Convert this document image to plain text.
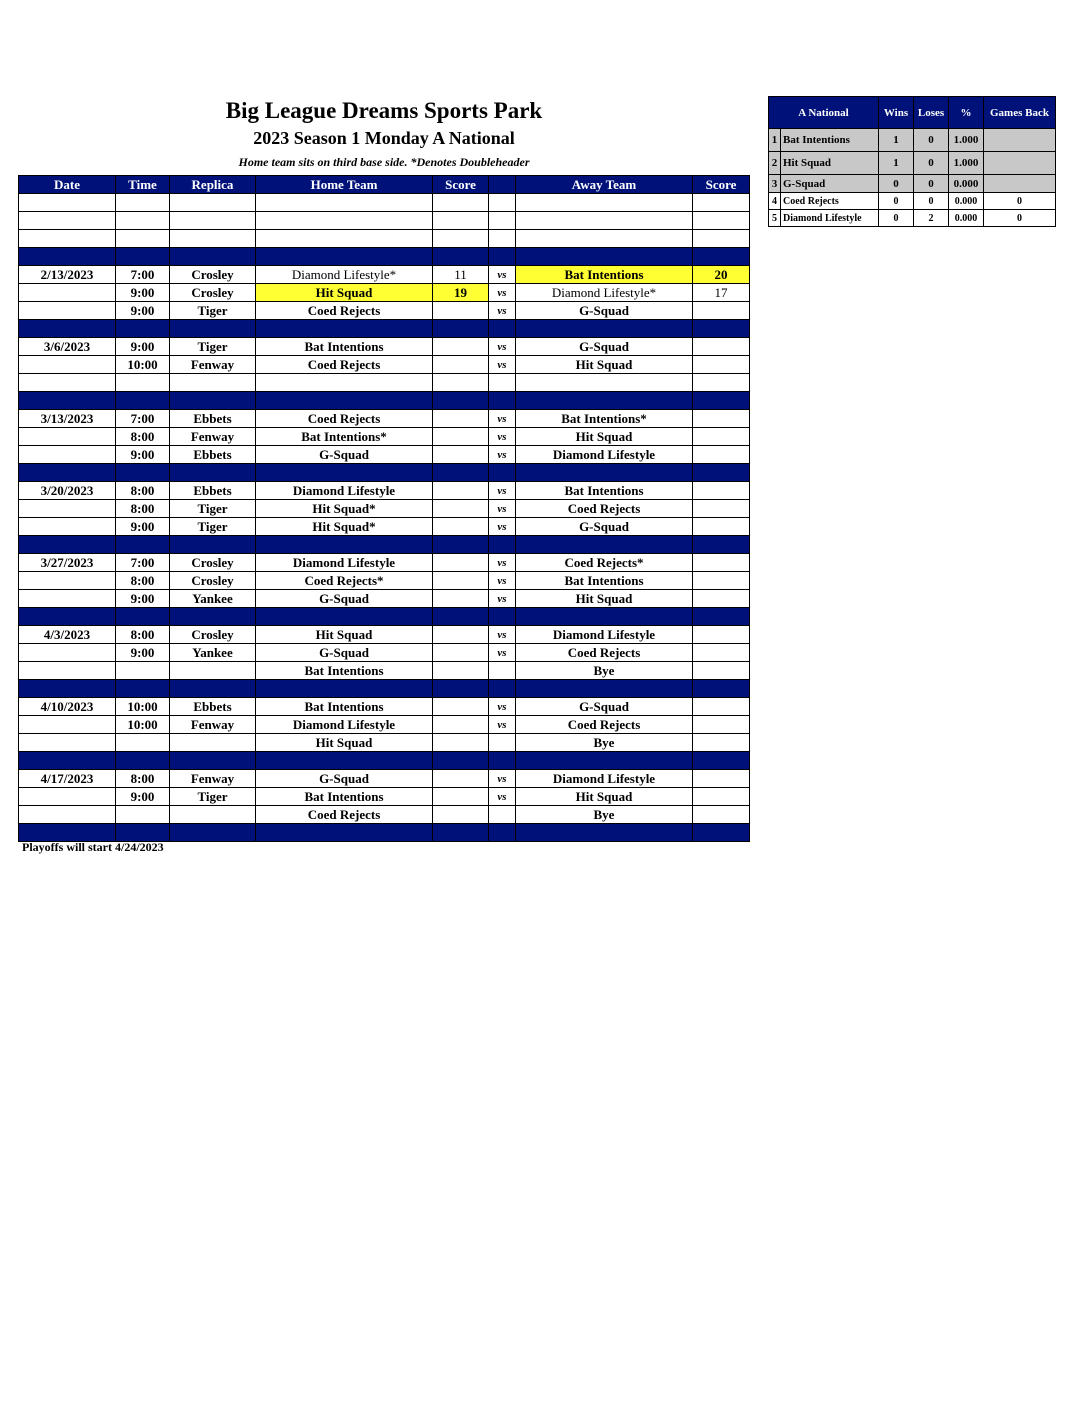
Big League Dreams Sports Park
2023 Season 1 Monday A National
Home team sits on third base side. *Denotes Doubleheader
Date	Time	Replica	Home Team	Score		Away Team	Score

2/13/2023	7:00	Crosley	Diamond Lifestyle*	11	vs	Bat Intentions	20
	9:00	Crosley	Hit Squad	19	vs	Diamond Lifestyle*	17
	9:00	Tiger	Coed Rejects		vs	G-Squad	

3/6/2023	9:00	Tiger	Bat Intentions		vs	G-Squad	
	10:00	Fenway	Coed Rejects		vs	Hit Squad	

3/13/2023	7:00	Ebbets	Coed Rejects		vs	Bat Intentions*	
	8:00	Fenway	Bat Intentions*		vs	Hit Squad	
	9:00	Ebbets	G-Squad		vs	Diamond Lifestyle	

3/20/2023	8:00	Ebbets	Diamond Lifestyle		vs	Bat Intentions	
	8:00	Tiger	Hit Squad*		vs	Coed Rejects	
	9:00	Tiger	Hit Squad*		vs	G-Squad	

3/27/2023	7:00	Crosley	Diamond Lifestyle		vs	Coed Rejects*	
	8:00	Crosley	Coed Rejects*		vs	Bat Intentions	
	9:00	Yankee	G-Squad		vs	Hit Squad	

4/3/2023	8:00	Crosley	Hit Squad		vs	Diamond Lifestyle	
	9:00	Yankee	G-Squad		vs	Coed Rejects	
			Bat Intentions			Bye	

4/10/2023	10:00	Ebbets	Bat Intentions		vs	G-Squad	
	10:00	Fenway	Diamond Lifestyle		vs	Coed Rejects	
			Hit Squad			Bye	

4/17/2023	8:00	Fenway	G-Squad		vs	Diamond Lifestyle	
	9:00	Tiger	Bat Intentions		vs	Hit Squad	
			Coed Rejects			Bye	

A National		Wins	Loses	%	Games Back
1	Bat Intentions	1	0	1.000	
2	Hit Squad	1	0	1.000	
3	G-Squad	0	0	0.000	
4	Coed Rejects	0	0	0.000	0
5	Diamond Lifestyle	0	2	0.000	0
Playoffs will start 4/24/2023
